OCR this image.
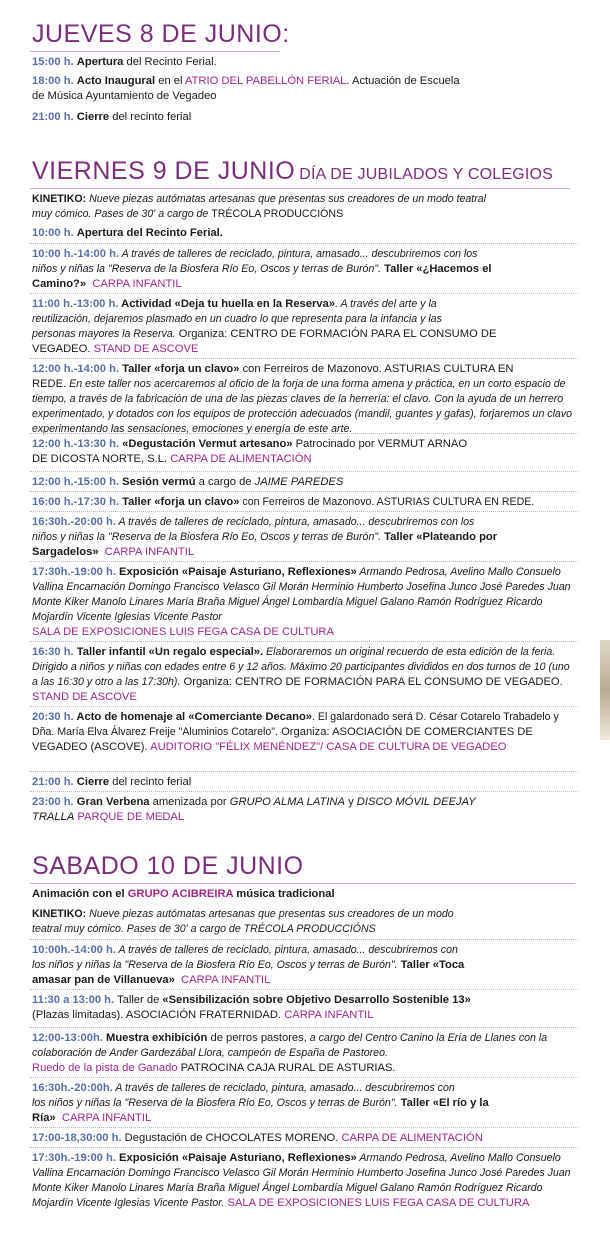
JUEVES 8 DE JUNIO:
15:00 h. Apertura del Recinto Ferial.
18:00 h. Acto Inaugural en el ATRIO DEL PABELLÓN FERIAL. Actuación de Escuela
de Música Ayuntamiento de Vegadeo
21:00 h. Cierre del recinto ferial
VIERNES 9 DE JUNIO DÍA DE JUBILADOS Y COLEGIOS
KINETIKO: Nueve piezas autómatas artesanas que presentas sus creadores de un modo teatral
muy cómico. Pases de 30' a cargo de TRÉCOLA PRODUCCIÓNS
10:00 h. Apertura del Recinto Ferial.
10:00 h.-14:00 h. A través de talleres de reciclado, pintura, amasado... descubriremos con los
niños y niñas la "Reserva de la Biosfera Río Eo, Oscos y terras de Burón". Taller «¿Hacemos el
Camino?» CARPA INFANTIL
11:00 h.-13:00 h. Actividad «Deja tu huella en la Reserva». A través del arte y la
reutilización, dejaremos plasmado en un cuadro lo que representa para la infancia y las
personas mayores la Reserva. Organiza: CENTRO DE FORMACIÓN PARA EL CONSUMO DE
VEGADEO. STAND DE ASCOVE
12:00 h.-14:00 h. Taller «forja un clavo» con Ferreiros de Mazonovo. ASTURIAS CULTURA EN
REDE. En este taller nos acercaremos al oficio de la forja de una forma amena y práctica, en un corto espacio de tiempo, a través de la fabricación de una de las piezas claves de la herrería: el clavo. Con la ayuda de un herrero experimentado, y dotados con los equipos de protección adecuados (mandil, guantes y gafas), forjaremos un clavo experimentando las sensaciones, emociones y energía de este arte.
12:00 h.-13:30 h. «Degustación Vermut artesano» Patrocinado por VERMUT ARNAO
DE DICOSTA NORTE, S.L. CARPA DE ALIMENTACIÓN
12:00 h.-15:00 h. Sesión vermú a cargo de JAIME PAREDES
16:00 h.-17:30 h. Taller «forja un clavo» con Ferreiros de Mazonovo. ASTURIAS CULTURA EN REDE.
16:30h.-20:00 h. A través de talleres de reciclado, pintura, amasado... descubriremos con los
niños y niñas la "Reserva de la Biosfera Río Eo, Oscos y terras de Burón". Taller «Plateando por
Sargadelos» CARPA INFANTIL
17:30h.-19:00 h. Exposición «Paisaje Asturiano, Reflexiones» Armando Pedrosa, Avelino Mallo Consuelo Vallina Encarnación Domingo Francisco Velasco Gil Morán Herminio Humberto Josefina Junco José Paredes Juan Monte Kiker Manolo Linares María Braña Miguel Ángel Lombardía Miguel Galano Ramón Rodríguez Ricardo Mojardín Vicente Iglesias Vicente Pastor
SALA DE EXPOSICIONES LUIS FEGA CASA DE CULTURA
16:30 h. Taller infantil «Un regalo especial». Elaboraremos un original recuerdo de esta edición de la feria. Dirigido a niños y niñas con edades entre 6 y 12 años. Máximo 20 participantes divididos en dos turnos de 10 (uno a las 16:30 y otro a las 17:30h). Organiza: CENTRO DE FORMACIÓN PARA EL CONSUMO DE VEGADEO. STAND DE ASCOVE
20:30 h. Acto de homenaje al «Comerciante Decano». El galardonado será D. César Cotarelo Trabadelo y Dña. María Elva Álvarez Freije "Aluminios Cotarelo". Organiza: ASOCIACIÓN DE COMERCIANTES DE VEGADEO (ASCOVE). AUDITORIO "FÉLIX MENÉNDEZ"/ CASA DE CULTURA DE VEGADEO
21:00 h. Cierre del recinto ferial
23:00 h. Gran Verbena amenizada por GRUPO ALMA LATINA y DISCO MÓVIL DEEJAY
TRALLA PARQUE DE MEDAL
SABADO 10 DE JUNIO
Animación con el GRUPO ACIBREIRA música tradicional
KINETIKO: Nueve piezas autómatas artesanas que presentas sus creadores de un modo
teatral muy cómico. Pases de 30' a cargo de TRÉCOLA PRODUCCIÓNS
10:00h.-14:00 h. A través de talleres de reciclado, pintura, amasado... descubriremos con
los niños y niñas la "Reserva de la Biosfera Río Eo, Oscos y terras de Burón". Taller «Toca
amasar pan de Villanueva» CARPA INFANTIL
11:30 a 13:00 h. Taller de «Sensibilización sobre Objetivo Desarrollo Sostenible 13»
(Plazas limitadas). ASOCIACIÓN FRATERNIDAD. CARPA INFANTIL
12:00-13:00h. Muestra exhibición de perros pastores, a cargo del Centro Canino la Ería de Llanes con la colaboración de Ander Gardezábal Llora, campeón de España de Pastoreo.
Ruedo de la pista de Ganado PATROCINA CAJA RURAL DE ASTURIAS.
16:30h.-20:00h. A través de talleres de reciclado, pintura, amasado... descubriremos con
los niños y niñas la "Reserva de la Biosfera Río Eo, Oscos y terras de Burón". Taller «El río y la
Ría» CARPA INFANTIL
17:00-18,30:00 h. Degustación de CHOCOLATES MORENO. CARPA DE ALIMENTACIÓN
17:30h.-19:00 h. Exposición «Paisaje Asturiano, Reflexiones» Armando Pedrosa, Avelino Mallo Consuelo Vallina Encarnación Domingo Francisco Velasco Gil Morán Herminio Humberto Josefina Junco José Paredes Juan Monte Kiker Manolo Linares María Braña Miguel Ángel Lombardía Miguel Galano Ramón Rodríguez Ricardo Mojardín Vicente Iglesias Vicente Pastor. SALA DE EXPOSICIONES LUIS FEGA CASA DE CULTURA
